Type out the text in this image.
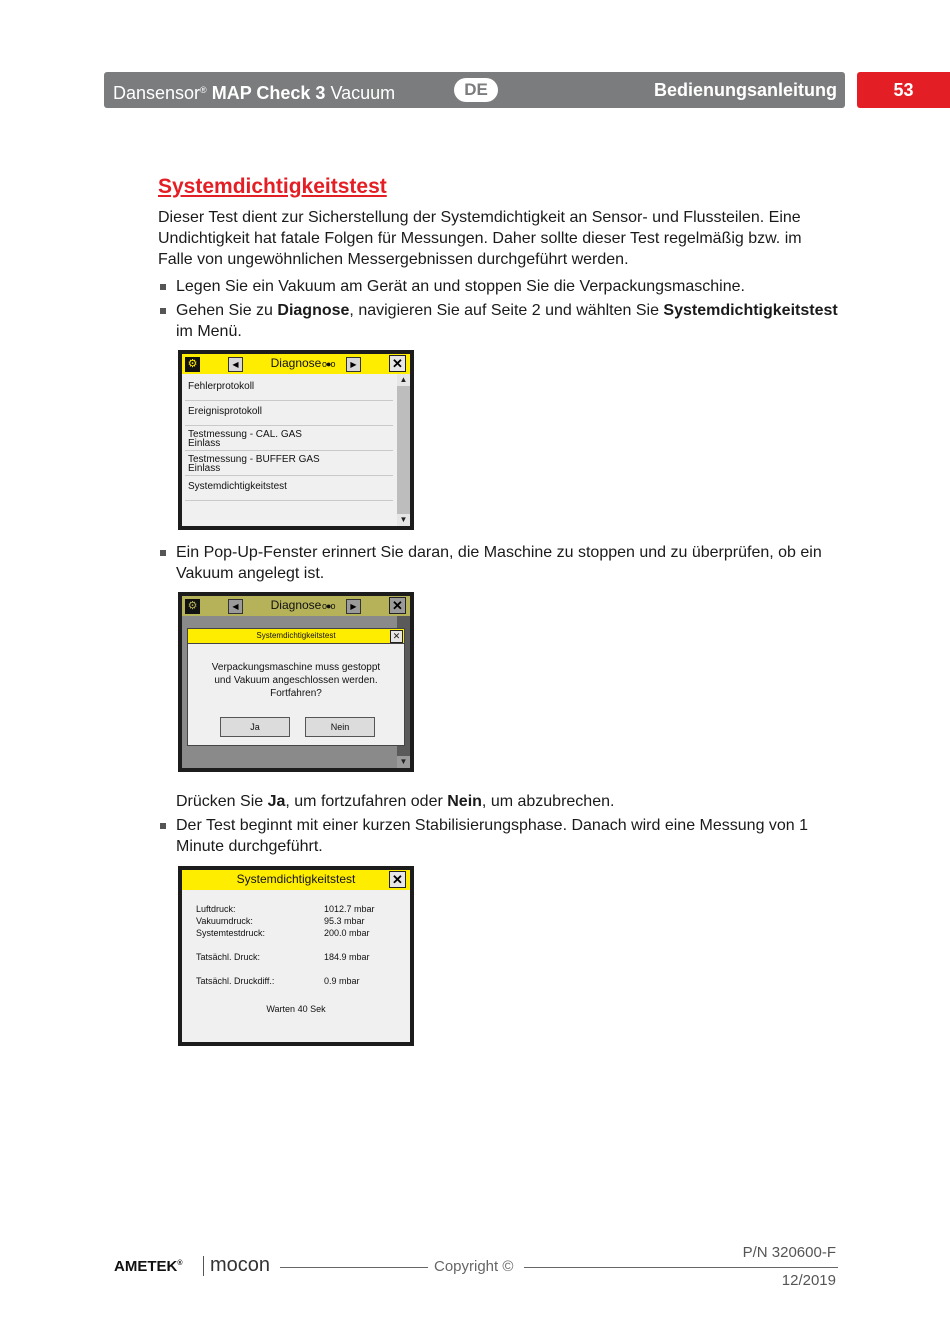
Dansensor® MAP Check 3 Vacuum	DE	Bedienungsanleitung	53
Systemdichtigkeitstest
Dieser Test dient zur Sicherstellung der Systemdichtigkeit an Sensor- und Flussteilen. Eine Undichtigkeit hat fatale Folgen für Messungen. Daher sollte dieser Test regelmäßig bzw. im Falle von ungewöhnlichen Messergebnissen durchgeführt werden.
Legen Sie ein Vakuum am Gerät an und stoppen Sie die Verpackungsmaschine.
Gehen Sie zu Diagnose, navigieren Sie auf Seite 2 und wählten Sie Systemdichtigkeitstest im Menü.
⚙	◀	Diagnose o●o	▶	✕
Fehlerprotokoll
Ereignisprotokoll
Testmessung - CAL. GAS
Einlass
Testmessung - BUFFER GAS
Einlass
Systemdichtigkeitstest
▲
▼
Ein Pop-Up-Fenster erinnert Sie daran, die Maschine zu stoppen und zu überprüfen, ob ein Vakuum angelegt ist.
⚙	◀	Diagnose o●o	▶	✕
▼
Systemdichtigkeitstest	✕
Verpackungsmaschine muss gestoppt
und Vakuum angeschlossen werden.
Fortfahren?
Ja	Nein
Drücken Sie Ja, um fortzufahren oder Nein, um abzubrechen.
Der Test beginnt mit einer kurzen Stabilisierungsphase. Danach wird eine Messung von 1 Minute durchgeführt.
Systemdichtigkeitstest	✕
Luftdruck:	1012.7 mbar
Vakuumdruck:	95.3 mbar
Systemtestdruck:	200.0 mbar
Tatsächl. Druck:	184.9 mbar
Tatsächl. Druckdiff.:	0.9 mbar
Warten 40 Sek
AMETEK® mocon	Copyright ©
P/N 320600-F
12/2019
